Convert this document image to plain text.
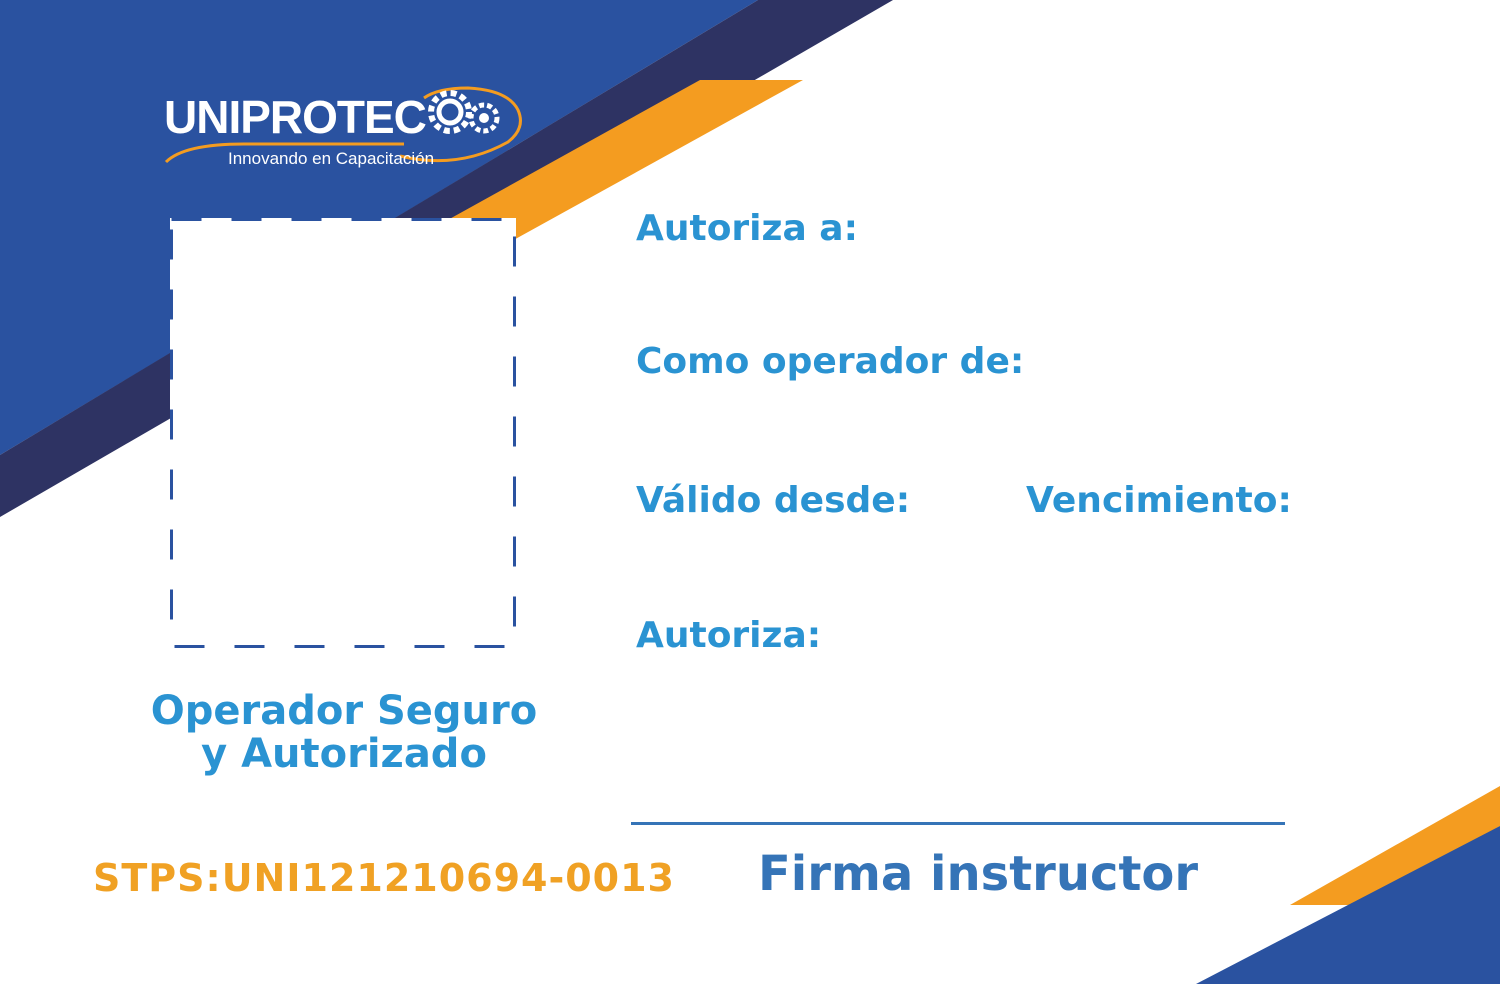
UNIPROTEC
Innovando en Capacitación
Operador Seguro
y Autorizado
STPS:UNI121210694-0013
Autoriza a:
Como operador de:
Válido desde:	Vencimiento:
Autoriza:
Firma instructor
